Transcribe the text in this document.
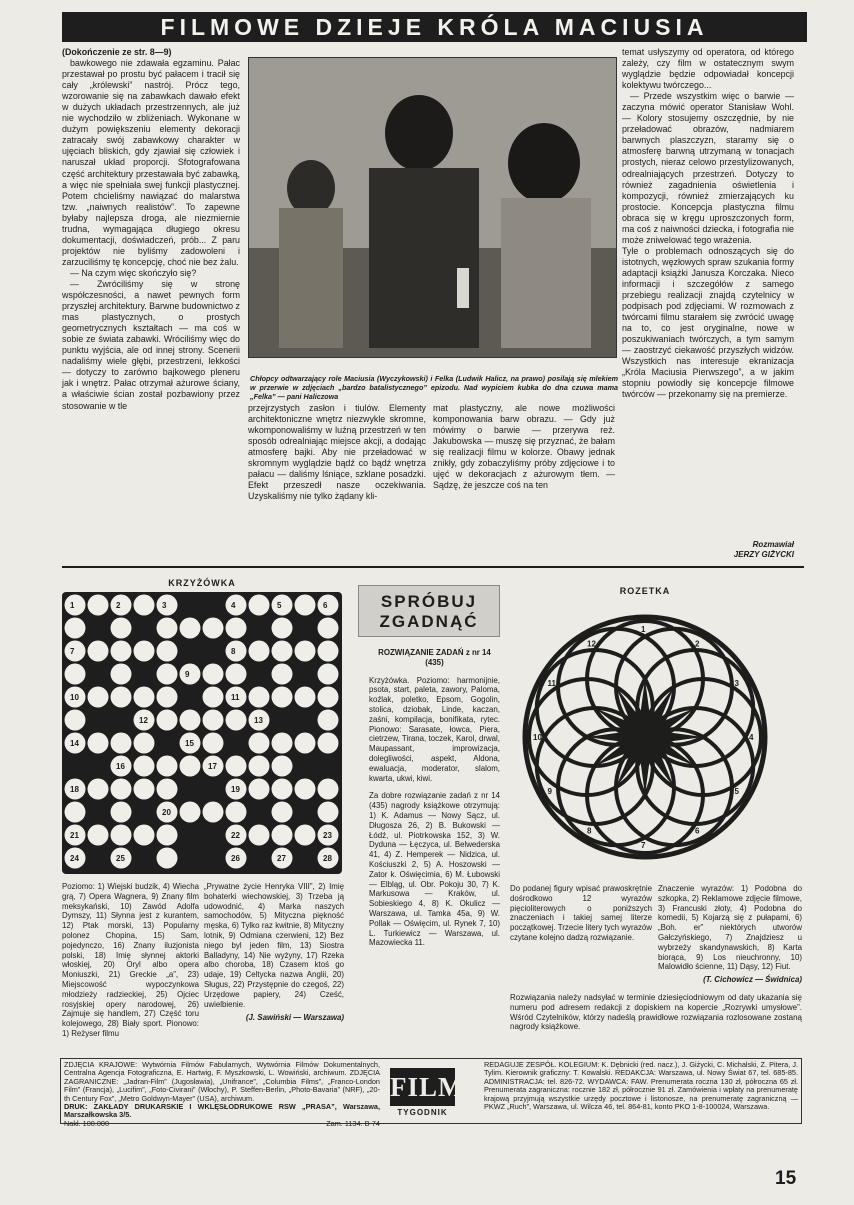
FILMOWE DZIEJE KRÓLA MACIUSIA

(Dokończenie ze str. 8—9)

bawkowego nie zdawała egzaminu. Pałac przestawał po prostu być pałacem i tracił się cały „królewski” nastrój. Prócz tego, wzorowanie się na zabawkach dawało efekt w dużych układach przestrzennych, ale już nie wychodziło w zbliżeniach. Wykonane w dużym powiększeniu elementy dekoracji zatracały swój zabawkowy charakter w ujęciach bliskich, gdy zjawiał się człowiek i naruszał układ proporcji. Sfotografowana część architektury przestawała być zabawką, a więc nie spełniała swej funkcji plastycznej. Potem chcieliśmy nawiązać do malarstwa tzw. „naiwnych realistów”. To zapewne byłaby najlepsza droga, ale niezmiernie trudna, wymagająca długiego okresu dokumentacji, doświadczeń, prób... Z paru projektów nie byliśmy zadowoleni i zarzuciliśmy tę koncepcję, choć nie bez żalu.

— Na czym więc skończyło się?

— Zwróciliśmy się w stronę współczesności, a nawet pewnych form przyszłej architektury. Barwne budownictwo z mas plastycznych, o prostych geometrycznych kształtach — ma coś w sobie ze świata zabawki. Wróciliśmy więc do punktu wyjścia, ale od innej strony. Scenerii nadaliśmy wiele głębi, przestrzeni, lekkości — dotyczy to zarówno bajkowego pleneru jak i wnętrz. Pałac otrzymał ażurowe ściany, a właściwie ścian został pozbawiony przez stosowanie w tle

Chłopcy odtwarzający role Maciusia (Wyczykowski) i Felka (Ludwik Halicz, na prawo) posilają się mlekiem w przerwie w zdjęciach „bardzo batalistycznego” epizodu. Nad wypiciem kubka do dna czuwa mama „Felka” — pani Haliczowa

przejrzystych zasłon i tiulów. Elementy architektoniczne wnętrz niezwykle skromne, wkomponowaliśmy w luźną przestrzeń w ten sposób odrealniając miejsce akcji, a dodając atmosferę bajki. Aby nie przeładować w skromnym wyglądzie bądź co bądź wnętrza pałacu — daliśmy lśniące, szklane posadzki. Efekt przeszedł nasze oczekiwania. Uzyskaliśmy nie tylko żądany kli-

mat plastyczny, ale nowe możliwości komponowania barw obrazu. — Gdy już mówimy o barwie — przerywa reż. Jakubowska — muszę się przyznać, że bałam się realizacji filmu w kolorze. Obawy jednak znikły, gdy zobaczyliśmy próby zdjęciowe i to ujęć w dekoracjach z ażurowym tłem. — Sądzę, że jeszcze coś na ten

temat usłyszymy od operatora, od którego zależy, czy film w ostatecznym swym wyglądzie będzie odpowiadał koncepcji kolektywu twórczego...

— Przede wszystkim więc o barwie — zaczyna mówić operator Stanisław Wohl. — Kolory stosujemy oszczędnie, by nie przeładować obrazów, nadmiarem barwnych plaszczyzn, staramy się o atmosferę barwną utrzymaną w tonacjach prostych, nieraz celowo przestylizowanych, odrealniających przestrzeń. Dotyczy to również zagadnienia oświetlenia i kompozycji, również zmierzających ku prostocie. Koncepcja plastyczna filmu obraca się w kręgu uproszczonych form, ma coś z naiwności dziecka, i fotografia nie może zniwelować tego wrażenia.

Tyle o problemach odnoszących się do istotnych, węzłowych spraw szukania formy adaptacji książki Janusza Korczaka. Nieco informacji i szczegółów z samego przebiegu realizacji znajdą czytelnicy w podpisach pod zdjęciami. W rozmowach z twórcami filmu starałem się zwrócić uwagę na to, co jest oryginalne, nowe w poszukiwaniach twórczych, a tym samym — zaostrzyć ciekawość przyszłych widzów. Wszystkich nas interesuje ekranizacja „Króla Maciusia Pierwszego”, a w jakim stopniu powiodły się koncepcje filmowe twórców — przekonamy się na premierze.

Rozmawiał
JERZY GIŻYCKI
KRZYŻÓWKA
1	2	3	4	5	6
7	8
9
10	11
12	13
14	15
16	17
18	19
20
21	22	23
24	25	26	27	28

Poziomo: 1) Wiejski budzik, 4) Wiecha grą, 7) Opera Wagnera, 9) Znany film meksykański, 10) Zawód Adolfa Dymszy, 11) Słynna jest z kurantem, 12) Ptak morski, 13) Popularny polonez Chopina, 15) Sam, pojedynczo, 16) Znany iluzjonista polski, 18) Imię słynnej aktorki włoskiej, 20) Oryl albo opera Moniuszki, 21) Greckie „a”, 23) Miejscowość wypoczynkowa młodzieży radzieckiej, 25) Ojciec rosyjskiej opery narodowej, 26) Zajmuje się handlem, 27) Część toru kolejowego, 28) Biały sport. Pionowo: 1) Reżyser filmu

„Prywatne życie Henryka VIII”, 2) Imię bohaterki wiechowskiej, 3) Trzeba ją udowodnić, 4) Marka naszych samochodów, 5) Mityczna piękność męska, 6) Tylko raz kwitnie, 8) Mityczny lotnik, 9) Odmiana czerwieni, 12) Bez niego byl jeden film, 13) Siostra Balladyny, 14) Nie wyżyny, 17) Rzeka albo choroba, 18) Czasem ktoś go udaje, 19) Celtycka nazwa Anglii, 20) Sługus, 22) Przystępnie do czegoś, 22) Urzędowe papiery, 24) Cześć, uwielbienie.

(J. Sawiński — Warszawa)

SPRÓBUJ
ZGADNĄĆ

ROZWIĄZANIE ZADAŃ z nr 14 (435)

Krzyżówka. Poziomo: harmonijnie, psota, start, paleta, zawory, Paloma, koźlak, poletko, Epsom, Gogolin, stolica, dziobak, Linde, kaczan, zaśni, kompilacja, bonifikata, rytec. Pionowo: Sarasate, łowca, Piera, cietrzew, Tirana, toczek, Karol, drwal, Maupassant, improwizacja, dolegliwości, aspekt, Aldona, ewaluacja, moderator, slalom, kwarta, ukwi, kiwi.

Za dobre rozwiązanie zadań z nr 14 (435) nagrody książkowe otrzymują: 1) K. Adamus — Nowy Sącz, ul. Długosza 26, 2) B. Bukowski — Łódź, ul. Piotrkowska 152, 3) W. Dyduna — Łęczyca, ul. Belwederska 41, 4) Z. Hemperek — Nidzica, ul. Kościuszki 2, 5) A. Hoszowski — Zator k. Oświęcimia, 6) M. Łubowski — Elbląg, ul. Obr. Pokoju 30, 7) K. Markusowa — Kraków, ul. Sobieskiego 4, 8) K. Okulicz — Warszawa, ul. Tamka 45a, 9) W. Pollak — Oświęcim, ul. Rynek 7, 10) L. Turkiewicz — Warszawa, ul. Mazowiecka 11.

Rozwiązania należy nadsyłać w terminie dziesięciodniowym od daty ukazania się numeru pod adresem redakcji z dopiskiem na kopercie „Rozrywki umysłowe”. Wśród Czytelników, którzy nadeślą prawidłowe rozwiązania rozlosowane zostaną nagrody książkowe.

ROZETKA
1
2
3
4
5
6
7
8
9
10
11
12

Do podanej figury wpisać prawoskrętnie dośrodkowo 12 wyrazów pięcioliterowych o poniższych znaczeniach i takiej samej literze początkowej. Trzecie litery tych wyrazów czytane kolejno dadzą rozwiązanie.

Znaczenie wyrazów: 1) Podobna do szkopka, 2) Reklamowe zdjęcie filmowe, 3) Francuski złoty, 4) Podobna do komedii, 5) Kojarzą się z pułapami, 6) „Boh. er” niektórych utworów Gałczyńskiego, 7) Znajdziesz u wybrzeży skandynawskich, 8) Karta biorąca, 9) Los nieuchronny, 10) Malowidło ścienne, 11) Dąsy, 12) Fiut.

(T. Cichowicz — Świdnica)

ZDJĘCIA KRAJOWE: Wytwórnia Filmów Fabularnych, Wytwórnia Filmów Dokumentalnych, Centralna Agencja Fotograficzna, E. Hartwig, F. Myszkowski, L. Wowiński, archiwum. ZDJĘCIA ZAGRANICZNE: „Jadran-Film” (Jugosławia), „Unifrance”, „Columbia Films”, „Franco-London Film” (Francja), „Lucifim”, „Foto-Civirani” (Włochy), P. Steffen-Berlin, „Photo-Bavaria” (NRF), „20-th Century Fox”, „Metro Goldwyn-Mayer” (USA), archiwum.

DRUK: ZAKŁADY DRUKARSKIE I WKLĘSŁODRUKOWE RSW „PRASA”, Warszawa, Marszałkowska 3/5.

Nakł. 100.000	Zam. 1134. B-74

FILM
TYGODNIK

REDAGUJE ZESPÓŁ. KOLEGIUM: K. Dębnicki (red. nacz.), J. Giżycki, C. Michalski, Z. Pitera, J. Tylim. Kierownik graficzny: T. Kowalski. REDAKCJA: Warszawa, ul. Nowy Świat 67, tel. 685-85. ADMINISTRACJA: tel. 826-72. WYDAWCA: FAW. Prenumerata roczna 130 zł, półroczna 65 zł. Prenumerata zagraniczna: rocznie 182 zł, półrocznie 91 zł. Zamówienia i wpłaty na prenumeratę krajową przyjmują wszystkie urzędy pocztowe i listonosze, na prenumeratę zagraniczną — PKWZ „Ruch”, Warszawa, ul. Wilcza 46, tel. 864-81, konto PKO 1-8-100024, Warszawa.

15
